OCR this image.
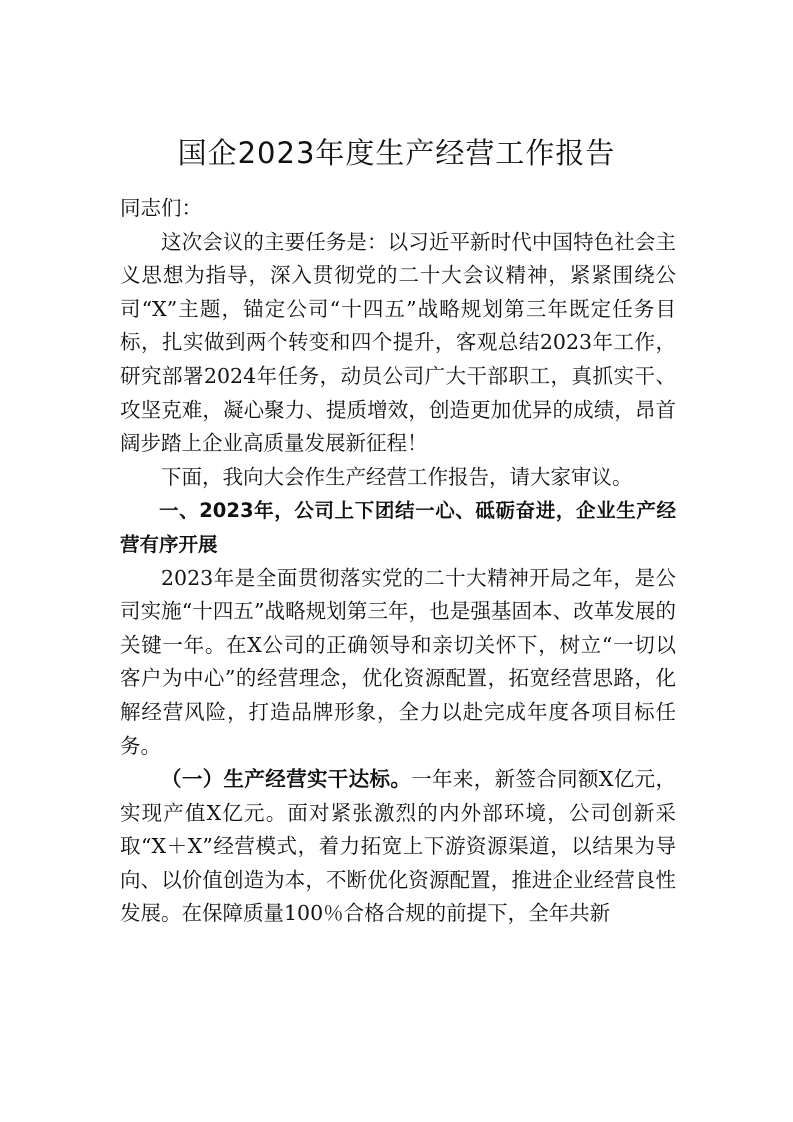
国企2023年度生产经营工作报告

同志们：

这次会议的主要任务是：以习近平新时代中国特色社会主义思想为指导，深入贯彻党的二十大会议精神，紧紧围绕公司“X”主题，锚定公司“十四五”战略规划第三年既定任务目标，扎实做到两个转变和四个提升，客观总结2023年工作，研究部署2024年任务，动员公司广大干部职工，真抓实干、攻坚克难，凝心聚力、提质增效，创造更加优异的成绩，昂首阔步踏上企业高质量发展新征程！

下面，我向大会作生产经营工作报告，请大家审议。

一、2023年，公司上下团结一心、砥砺奋进，企业生产经营有序开展

2023年是全面贯彻落实党的二十大精神开局之年，是公司实施“十四五”战略规划第三年，也是强基固本、改革发展的关键一年。在X公司的正确领导和亲切关怀下，树立“一切以客户为中心”的经营理念，优化资源配置，拓宽经营思路，化解经营风险，打造品牌形象，全力以赴完成年度各项目标任务。

（一）生产经营实干达标。一年来，新签合同额X亿元，实现产值X亿元。面对紧张激烈的内外部环境，公司创新采取“X＋X”经营模式，着力拓宽上下游资源渠道，以结果为导向、以价值创造为本，不断优化资源配置，推进企业经营良性发展。在保障质量100％合格合规的前提下，全年共新
